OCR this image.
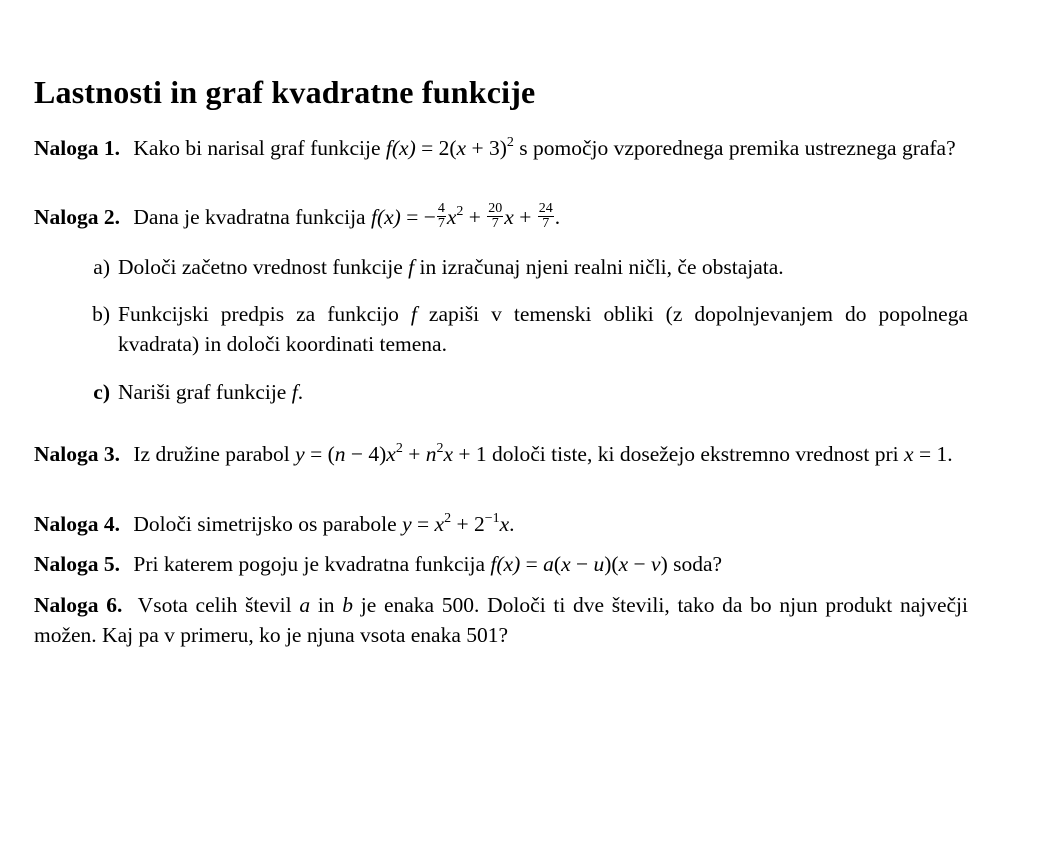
Lastnosti in graf kvadratne funkcije
Naloga 1. Kako bi narisal graf funkcije $f(x) = 2(x + 3)^2$ s pomočjo vzporednega premika ustreznega grafa?
Naloga 2. Dana je kvadratna funkcija f(x) = − $\frac{4}{7} x^2 + \frac{20}{7}$ $x + \frac{24}{7}$ .
a) Določi začetno vrednost funkcije f in izračunaj njeni realni ničli, če obstajata.
b) Funkcijski predpis za funkcijo f zapiši v temenski obliki (z dopolnjevanjem do popolnega kvadrata) in določi koordinati temena.
c) Nariši graf funkcije f.
Naloga 3. Iz družine parabol $y = (n - 4)x^2 + n^2x + 1$ določi tiste, ki dosežejo ekstremno vrednost pri x = 1.
Naloga 4. Določi simetrijsko os parabole $y = x^2 + 2^{-1}x$.
Naloga 5. Pri katerem pogoju je kvadratna funkcija f(x) = a(x − u)(x − v) soda?
Naloga 6. Vsota celih števil a in b je enaka 500. Določi ti dve števili, tako da bo njun produkt največji možen. Kaj pa v primeru, ko je njuna vsota enaka 501?
